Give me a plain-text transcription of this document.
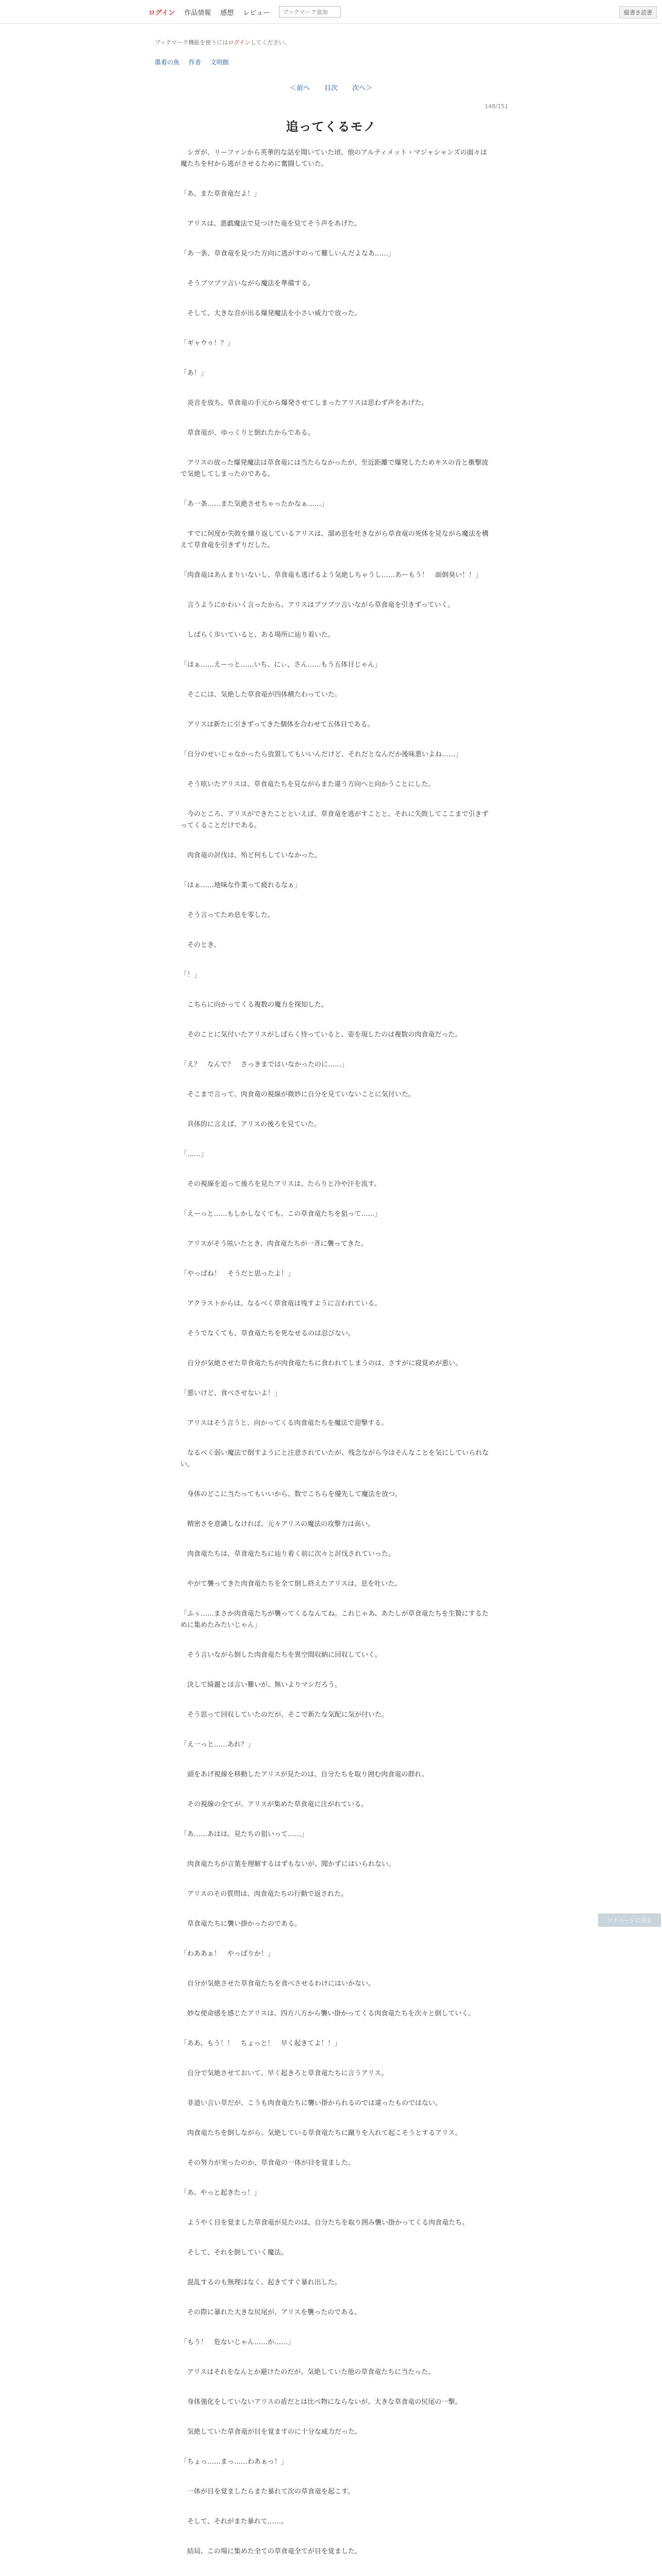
ログイン 作品情報 感想 レビュー
ブックマーク追加	縦書き読書
ブックマーク機能を使うにはログインしてください。
墨着の魚 作者 文明館
＜前へ 目次 次へ＞
148/151
追ってくるモノ

　シガが、リーファンから英華的な話を聞いていた頃、他のアルティメット・マジャシャンズの面々は魔たちを村から逃がさせるために奮闘していた。

「あ、また草食竜だよ！」

　アリスは、悪戯魔法で見つけた竜を見てそう声をあげた。

「あ一条、草食竜を見つた方向に逃がすのって難しいんだよなあ……」

　そうブツブツ言いながら魔法を準備する。

　そして、大きな音が出る爆発魔法を小さい威力で放った。

「ギャウゥ！？」

「あ！」

　炎音を放ち、草食竜の手元から爆発させてしまったアリスは思わず声をあげた。

　草食竜が、ゆっくりと倒れたからである。

　アリスの放った爆発魔法は草食竜には当たらなかったが、至近距離で爆発したためキスの音と衝撃波で気絶してしまったのである。

「あ一条……また気絶させちゃったかなぁ……」

　すでに何度か失敗を繰り返しているアリスは、溜め息を吐きながら草食竜の死体を見ながら魔法を構えて草食竜を引きずりだした。

「肉食竜はあんまりいないし、草食竜も逃げるよう気絶しちゃうし……あーもう！　面倒臭い！！」

　言うようにかわいく言ったから、アリスはブツブツ言いながら草食竜を引きずっていく。

　しばらく歩いていると、ある場所に辿り着いた。

「はぁ……えーっと……いち、にぃ、さん……もう五体目じゃん」

　そこには、気絶した草食竜が四体横たわっていた。

　アリスは新たに引きずってきた個体を合わせて五体目である。

「自分のせいじゃなかったら放置してもいいんだけど、それだとなんだか後味悪いよね……」

　そう呟いたアリスは、草食竜たちを見ながらまた違う方向へと向かうことにした。

　今のところ、アリスができたことといえば、草食竜を逃がすことと、それに失敗してここまで引きずってくることだけである。

　肉食竜の討伐は、殆ど何もしていなかった。

「はぁ……地味な作業って疲れるなぁ」

　そう言ってため息を零した。

　そのとき。

「！」

　こちらに向かってくる複数の魔力を探知した。

　そのことに気付いたアリスがしばらく待っていると、姿を現したのは複数の肉食竜だった。

「え？　なんで？　さっきまではいなかったのに……」

　そこまで言って、肉食竜の視線が微妙に自分を見ていないことに気付いた。

　具体的に言えば、アリスの後ろを見ていた。

「……」

　その視線を追って後ろを見たアリスは、たらりと冷や汗を流す。

「えーっと……もしかしなくても、この草食竜たちを狙って……」

　アリスがそう呟いたとき、肉食竜たちが一斉に襲ってきた。

「やっぱね！　そうだと思ったよ！」

　アクラストからは、なるべく草食竜は残すように言われている。

　そうでなくても、草食竜たちを死なせるのは忍びない。

　自分が気絶させた草食竜たちが肉食竜たちに食われてしまうのは、さすがに寝覚めが悪い。

「悪いけど、食べさせないよ！」

　アリスはそう言うと、向かってくる肉食竜たちを魔法で迎撃する。

　なるべく弱い魔法で倒すようにと注意されていたが、残念ながら今はそんなことを気にしていられない。

　身体のどこに当たってもいいから、数でこちらを優先して魔法を放つ。

　精密さを意識しなければ、元々アリスの魔法の攻撃力は高い。

　肉食竜たちは、草食竜たちに辿り着く前に次々と討伐されていった。

　やがて襲ってきた肉食竜たちを全て倒し終えたアリスは、息を吐いた。

「ふぅ……まさか肉食竜たちが襲ってくるなんてね。これじゃあ、あたしが草食竜たちを生贄にするために集めたみたいじゃん」

　そう言いながら倒した肉食竜たちを異空間収納に回収していく。

　決して綺麗とは言い難いが、無いよりマシだろう。

　そう思って回収していたのだが、そこで新たな気配に気が付いた。

「え一っと……あれ？」

　頭をあげ視線を移動したアリスが見たのは、自分たちを取り囲む肉食竜の群れ。

　その視線の全てが、アリスが集めた草食竜に注がれている。

「あ……あはは。見たちの狙いって……」

　肉食竜たちが言葉を理解するはずもないが、聞かずにはいられない。

　アリスのその質問は、肉食竜たちの行動で返された。

　草食竜たちに襲い掛かったのである。

「わああぁ！　やっぱりか！」

　自分が気絶させた草食竜たちを食べさせるわけにはいかない。

　妙な使命感を感じたアリスは、四方八方から襲い掛かってくる肉食竜たちを次々と倒していく。

「ああ、もう！！　ちょっと！　早く起きてよ！！」

　自分で気絶させておいて、早く起きろと草食竜たちに言うアリス。

　非道い言い草だが、こうも肉食竜たちに襲い掛かられるのでは違ったものではない。

　肉食竜たちを倒しながら、気絶している草食竜たちに蹴りを入れて起こそうとするアリス。

　その努力が実ったのか、草食竜の一体が目を覚ました。

「あ、やっと起きたっ！」

　ようやく目を覚ました草食竜が見たのは、自分たちを取り囲み襲い掛かってくる肉食竜たち。

　そして、それを倒していく魔法。

　混乱するのも無理はなく、起きてすぐ暴れ出した。

　その際に暴れた大きな尻尾が、アリスを襲ったのである。

「もう！　危ないじゃん……か……」

　アリスはそれをなんとか避けたのだが、気絶していた他の草食竜たちに当たった。

　身体強化をしていないアリスの盾だとは比べ物にならないが、大きな草食竜の尻尾の一撃。

　気絶していた草食竜が目を覚ますのに十分な威力だった。

「ちょっ……まっ……わあぁっ！」

　一体が目を覚ましたらまた暴れて次の草食竜を起こす。

　そして、それがまた暴れて……。

　結局、この場に集めた全ての草食竜全てが目を覚ました。

マイページに戻る
